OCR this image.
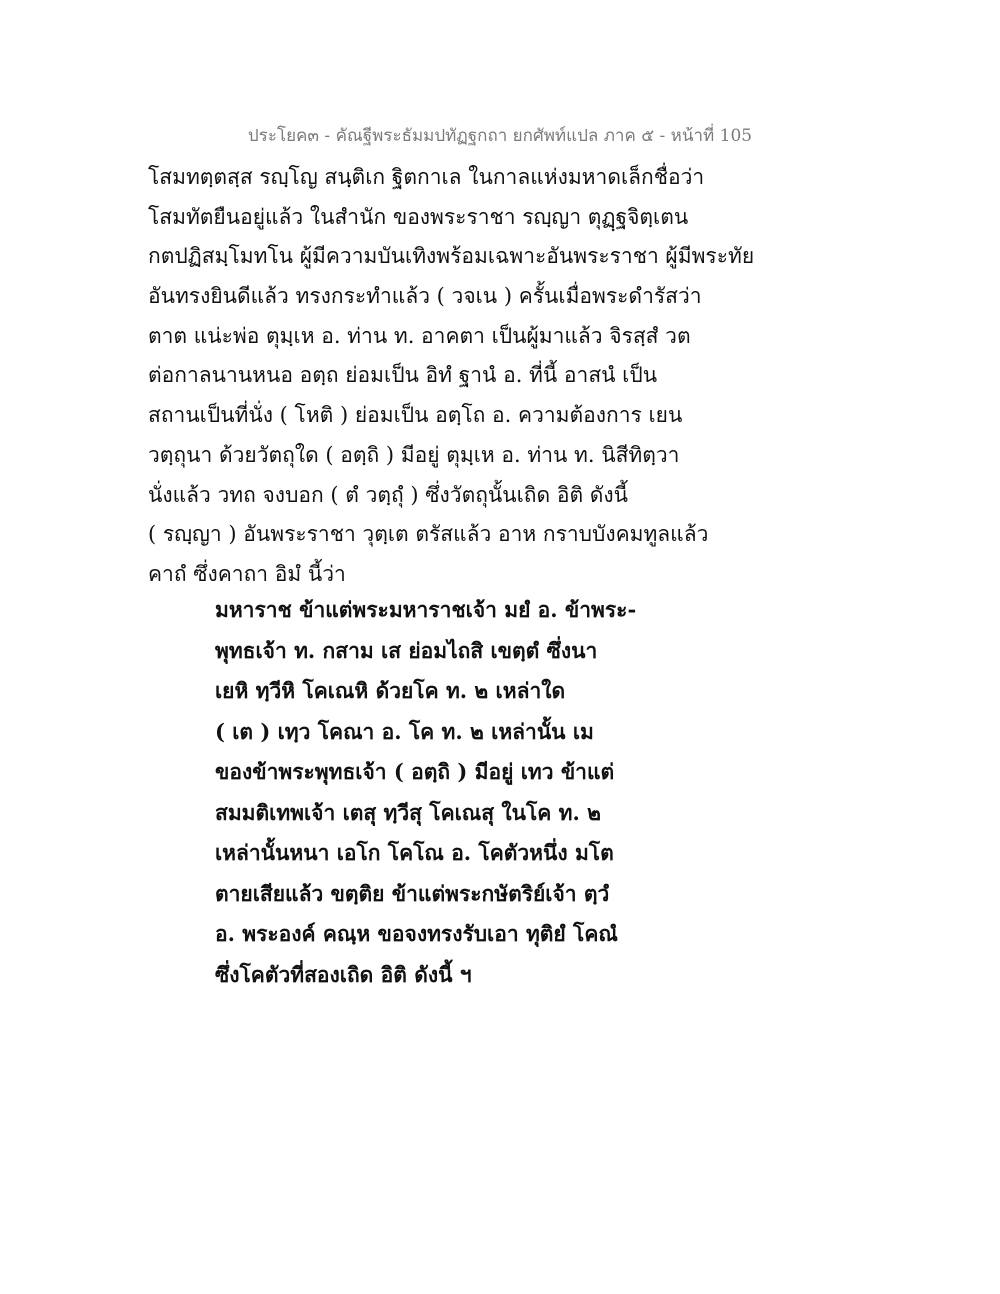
ประโยค๓ - คัณฐีพระธัมมปทัฏฐกถา ยกศัพท์แปล ภาค ๕ - หน้าที่ 105
โสมทตฺตสฺส รญฺโญ สนฺติเก ฐิตกาเล ในกาลแห่งมหาดเล็กชื่อว่า
โสมทัตยืนอยู่แล้ว ในสำนัก ของพระราชา รญฺญา ตุฏฺฐจิตฺเตน
กตปฏิสมฺโมทโน ผู้มีความบันเทิงพร้อมเฉพาะอันพระราชา ผู้มีพระทัย
อันทรงยินดีแล้ว ทรงกระทำแล้ว ( วจเน ) ครั้นเมื่อพระดำรัสว่า
ตาต แน่ะพ่อ ตุมฺเห อ. ท่าน ท. อาคตา เป็นผู้มาแล้ว จิรสฺสํ วต
ต่อกาลนานหนอ อตฺถ ย่อมเป็น อิทํ ฐานํ อ. ที่นี้ อาสนํ เป็น
สถานเป็นที่นั่ง ( โหติ ) ย่อมเป็น อตฺโถ อ. ความต้องการ เยน
วตฺถุนา ด้วยวัตถุใด ( อตฺถิ ) มีอยู่ ตุมฺเห อ. ท่าน ท. นิสีทิตฺวา
นั่งแล้ว วทถ จงบอก ( ตํ วตฺถุํ ) ซึ่งวัตถุนั้นเถิด อิติ ดังนี้
( รญฺญา ) อันพระราชา วุตฺเต ตรัสแล้ว อาห กราบบังคมทูลแล้ว
คาถํ ซึ่งคาถา อิมํ นี้ว่า
มหาราช ข้าแต่พระมหาราชเจ้า มยํ อ. ข้าพระ-
พุทธเจ้า ท. กสาม เส ย่อมไถสิ เขตฺตํ ซึ่งนา
เยหิ ทฺวีหิ โคเณหิ ด้วยโค ท. ๒ เหล่าใด
( เต ) เทฺว โคณา อ. โค ท. ๒ เหล่านั้น เม
ของข้าพระพุทธเจ้า ( อตฺถิ ) มีอยู่ เทว ข้าแต่
สมมติเทพเจ้า เตสุ ทฺวีสุ โคเณสุ ในโค ท. ๒
เหล่านั้นหนา เอโก โคโณ อ. โคตัวหนึ่ง มโต
ตายเสียแล้ว ขตฺติย ข้าแต่พระกษัตริย์เจ้า ตฺวํ
อ. พระองค์ คณฺห ขอจงทรงรับเอา ทุติยํ โคณํ
ซึ่งโคตัวที่สองเถิด อิติ ดังนี้ ฯ
